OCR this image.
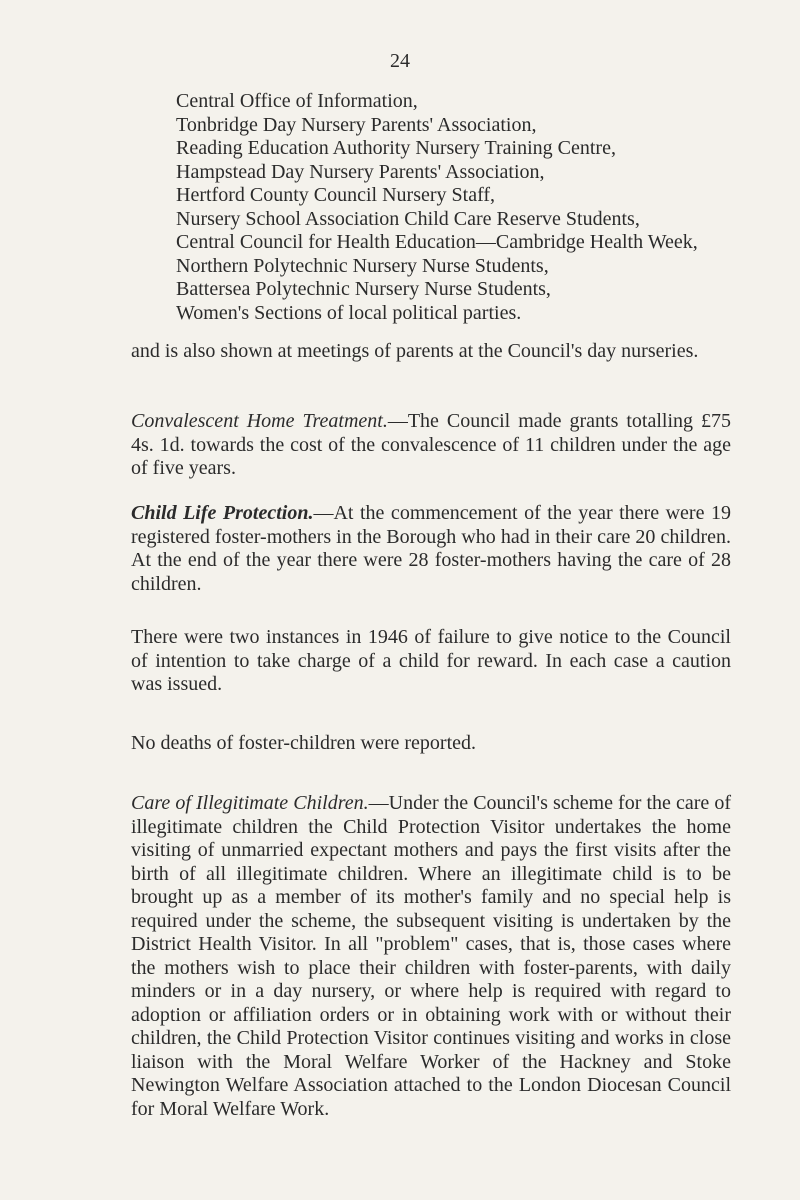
24
Central Office of Information,
Tonbridge Day Nursery Parents' Association,
Reading Education Authority Nursery Training Centre,
Hampstead Day Nursery Parents' Association,
Hertford County Council Nursery Staff,
Nursery School Association Child Care Reserve Students,
Central Council for Health Education—Cambridge Health Week,
Northern Polytechnic Nursery Nurse Students,
Battersea Polytechnic Nursery Nurse Students,
Women's Sections of local political parties.

and is also shown at meetings of parents at the Council's day nurseries.

Convalescent Home Treatment.—The Council made grants totalling £75 4s. 1d. towards the cost of the convalescence of 11 children under the age of five years.

Child Life Protection.—At the commencement of the year there were 19 registered foster-mothers in the Borough who had in their care 20 children. At the end of the year there were 28 foster-mothers having the care of 28 children.

There were two instances in 1946 of failure to give notice to the Council of intention to take charge of a child for reward. In each case a caution was issued.

No deaths of foster-children were reported.

Care of Illegitimate Children.—Under the Council's scheme for the care of illegitimate children the Child Protection Visitor undertakes the home visiting of unmarried expectant mothers and pays the first visits after the birth of all illegitimate children. Where an illegitimate child is to be brought up as a member of its mother's family and no special help is required under the scheme, the subsequent visiting is undertaken by the District Health Visitor. In all "problem" cases, that is, those cases where the mothers wish to place their children with foster-parents, with daily minders or in a day nursery, or where help is required with regard to adoption or affiliation orders or in obtaining work with or without their children, the Child Protection Visitor continues visiting and works in close liaison with the Moral Welfare Worker of the Hackney and Stoke Newington Welfare Association attached to the London Diocesan Council for Moral Welfare Work.
